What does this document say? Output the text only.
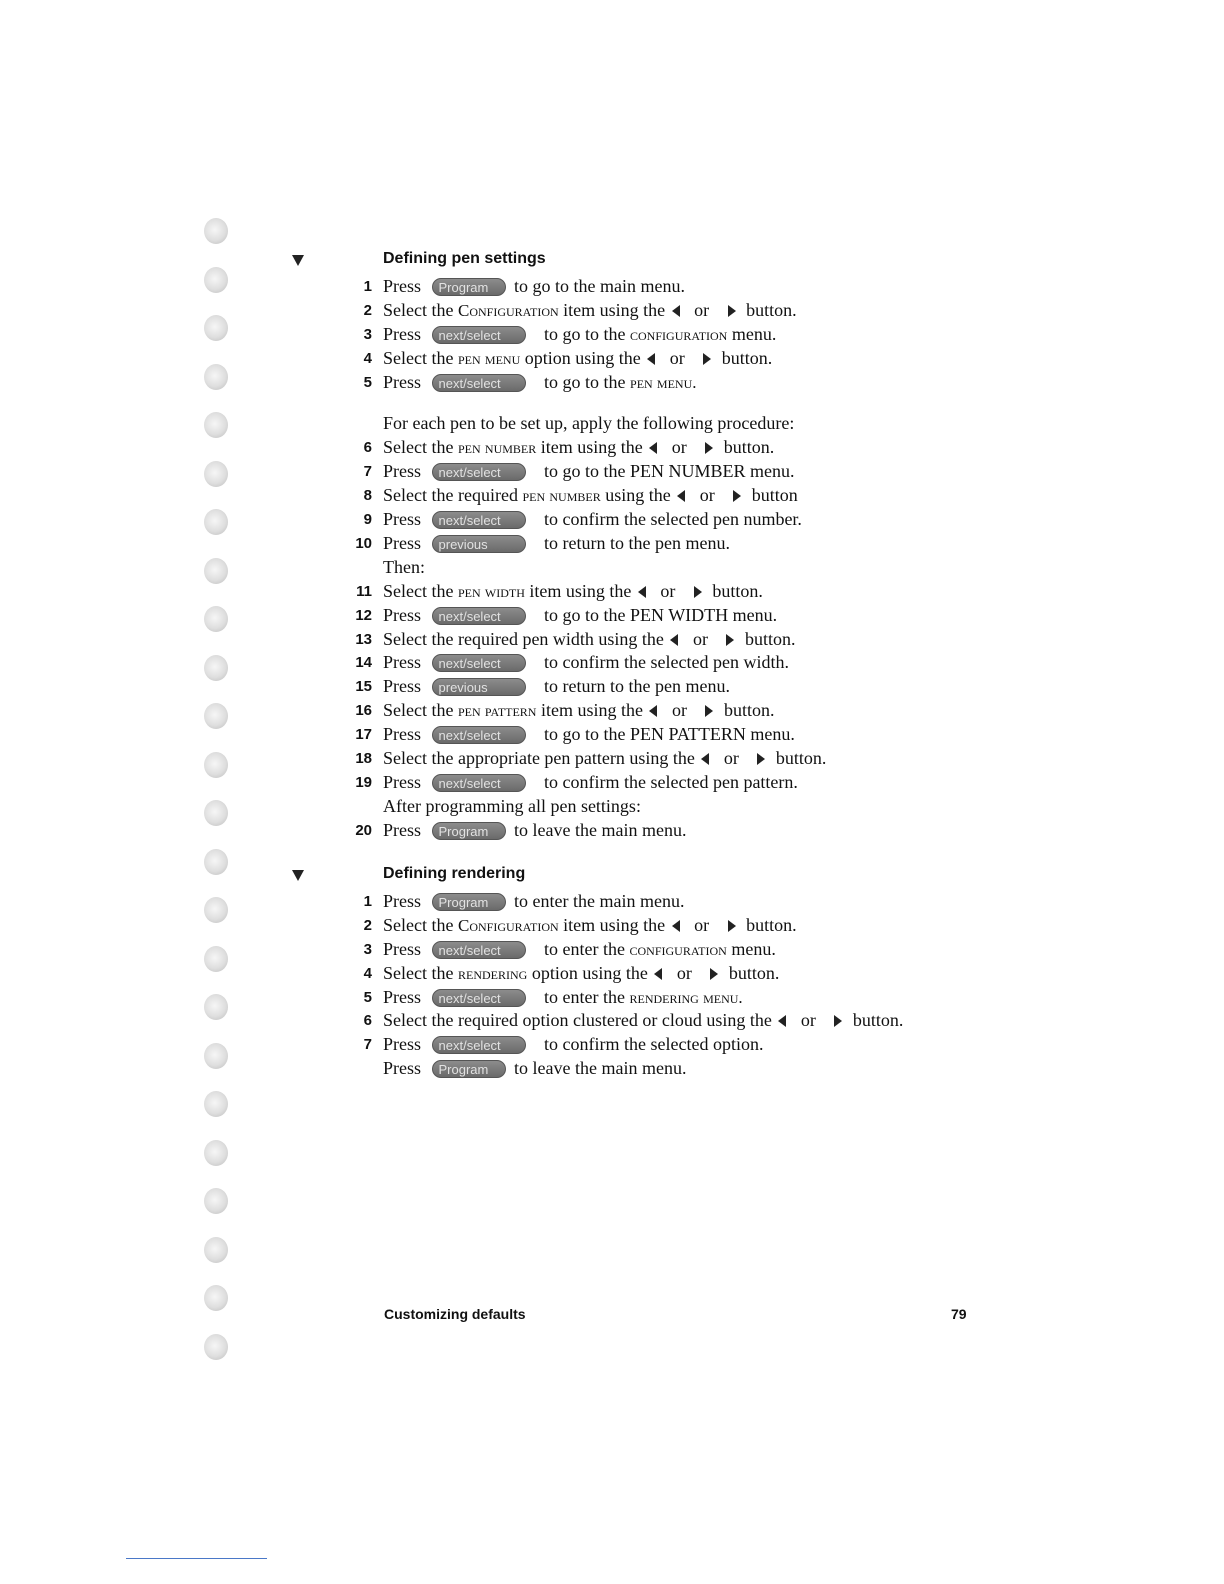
Defining pen settings
1 Press Program to go to the main menu.
2 Select the Configuration item using the or button.
3 Press next/select to go to the configuration menu.
4 Select the pen menu option using the or button.
5 Press next/select to go to the pen menu.
For each pen to be set up, apply the following procedure:
6 Select the pen number item using the or button.
7 Press next/select to go to the PEN NUMBER menu.
8 Select the required pen number using the or button
9 Press next/select to confirm the selected pen number.
10 Press previous	to return to the pen menu.
Then:
11 Select the pen width item using the or button.
12 Press next/select to go to the PEN WIDTH menu.
13 Select the required pen width using the or button.
14 Press next/select to confirm the selected pen width.
15 Press previous	to return to the pen menu.
16 Select the pen pattern item using the or button.
17 Press next/select to go to the PEN PATTERN menu.
18 Select the appropriate pen pattern using the or button.
19 Press next/select to confirm the selected pen pattern.
After programming all pen settings:
20 Press Program to leave the main menu.
Defining rendering
1 Press Program to enter the main menu.
2 Select the Configuration item using the or button.
3 Press next/select to enter the configuration menu.
4 Select the rendering option using the or button.
5 Press next/select to enter the rendering menu.
6 Select the required option clustered or cloud using the or button.
7 Press next/select to confirm the selected option.
Press Program to leave the main menu.
Customizing defaults	79
